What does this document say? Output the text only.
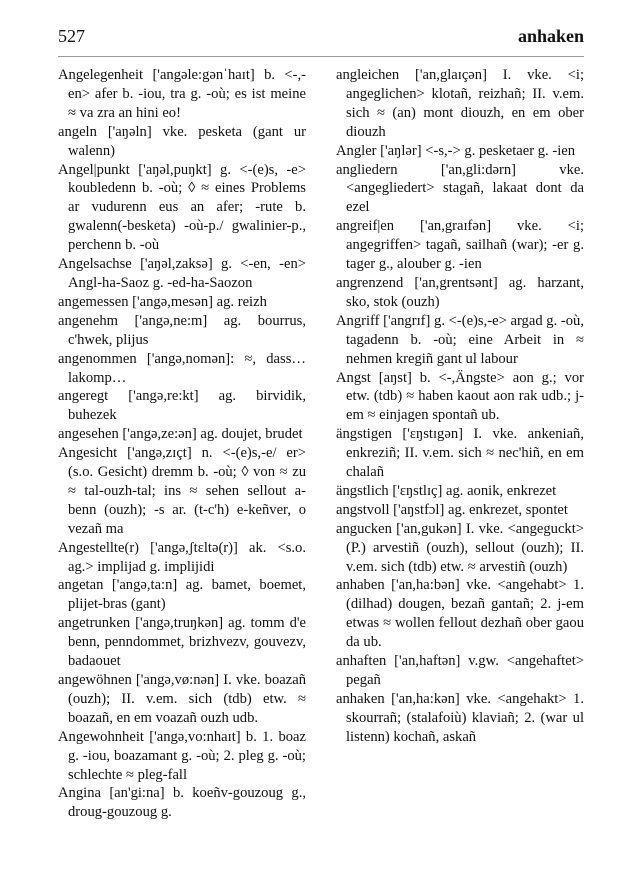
527	anhaken

Angelegenheit ['angəle:gənˈhaɪt] b. <-,-en> afer b. -iou, tra g. -où; es ist meine ≈ va zra an hini eo!

angeln ['aŋəln] vke. pesketa (gant ur walenn)

Angel|punkt ['aŋəl,puŋkt] g. <-(e)s, -e> koubledenn b. -où; ◊ ≈ eines Problems ar vudurenn eus an afer; -rute b. gwalenn(-besketa) -où-p./ gwalinier-p., perchenn b. -où

Angelsachse ['aŋəl,zaksə] g. <-en, -en> Angl-ha-Saoz g. -ed-ha-Saozon

angemessen ['angə,mesən] ag. reizh

angenehm ['angə,ne:m] ag. bourrus, c'hwek, plijus

angenommen ['angə,nomən]: ≈, dass… lakomp…

angeregt ['angə,re:kt] ag. birvidik, buhezek

angesehen ['angə,ze:ən] ag. doujet, brudet

Angesicht ['angə,zɪçt] n. <-(e)s,-e/ er> (s.o. Gesicht) dremm b. -où; ◊ von ≈ zu ≈ tal-ouzh-tal; ins ≈ sehen sellout a-benn (ouzh); -s ar. (t-c'h) e-keñver, o vezañ ma

Angestellte(r) ['angə,ʃtɛltə(r)] ak. <s.o. ag.> implijad g. implijidi

angetan ['angə,ta:n] ag. bamet, boemet, plijet-bras (gant)

angetrunken ['angə,truŋkən] ag. tomm d'e benn, penndommet, brizhvezv, gouvezv, badaouet

angewöhnen ['angə,vø:nən] I. vke. boazañ (ouzh); II. v.em. sich (tdb) etw. ≈ boazañ, en em voazañ ouzh udb.

Angewohnheit ['angə,vo:nhaɪt] b. 1. boaz g. -iou, boazamant g. -où; 2. pleg g. -où; schlechte ≈ pleg-fall

Angina [an'gi:na] b. koeñv-gouzoug g., droug-gouzoug g.

angleichen ['an,glaɪçən] I. vke. <i; angeglichen> klotañ, reizhañ; II. v.em. sich ≈ (an) mont diouzh, en em ober diouzh

Angler ['aŋlər] <-s,-> g. pesketaer g. -ien

angliedern ['an,gli:dərn] vke. <angegliedert> stagañ, lakaat dont da ezel

angreif|en ['an,graɪfən] vke. <i; angegriffen> tagañ, sailhañ (war); -er g. tager g., alouber g. -ien

angrenzend ['an,grentsənt] ag. harzant, sko, stok (ouzh)

Angriff ['angrɪf] g. <-(e)s,-e> argad g. -où, tagadenn b. -où; eine Arbeit in ≈ nehmen kregiñ gant ul labour

Angst [aŋst] b. <-,Ängste> aon g.; vor etw. (tdb) ≈ haben kaout aon rak udb.; j-em ≈ einjagen spontañ ub.

ängstigen ['ɛŋstɪgən] I. vke. ankeniañ, enkreziñ; II. v.em. sich ≈ nec'hiñ, en em chalañ

ängstlich ['ɛŋstlɪç] ag. aonik, enkrezet

angstvoll ['aŋstfɔl] ag. enkrezet, spontet

angucken ['an,gukən] I. vke. <angeguckt> (P.) arvestiñ (ouzh), sellout (ouzh); II. v.em. sich (tdb) etw. ≈ arvestiñ (ouzh)

anhaben ['an,ha:bən] vke. <angehabt> 1. (dilhad) dougen, bezañ gantañ; 2. j-em etwas ≈ wollen fellout dezhañ ober gaou da ub.

anhaften ['an,haftən] v.gw. <angehaftet> pegañ

anhaken ['an,ha:kən] vke. <angehakt> 1. skourrañ; (stalafoiù) klaviañ; 2. (war ul listenn) kochañ, askañ
